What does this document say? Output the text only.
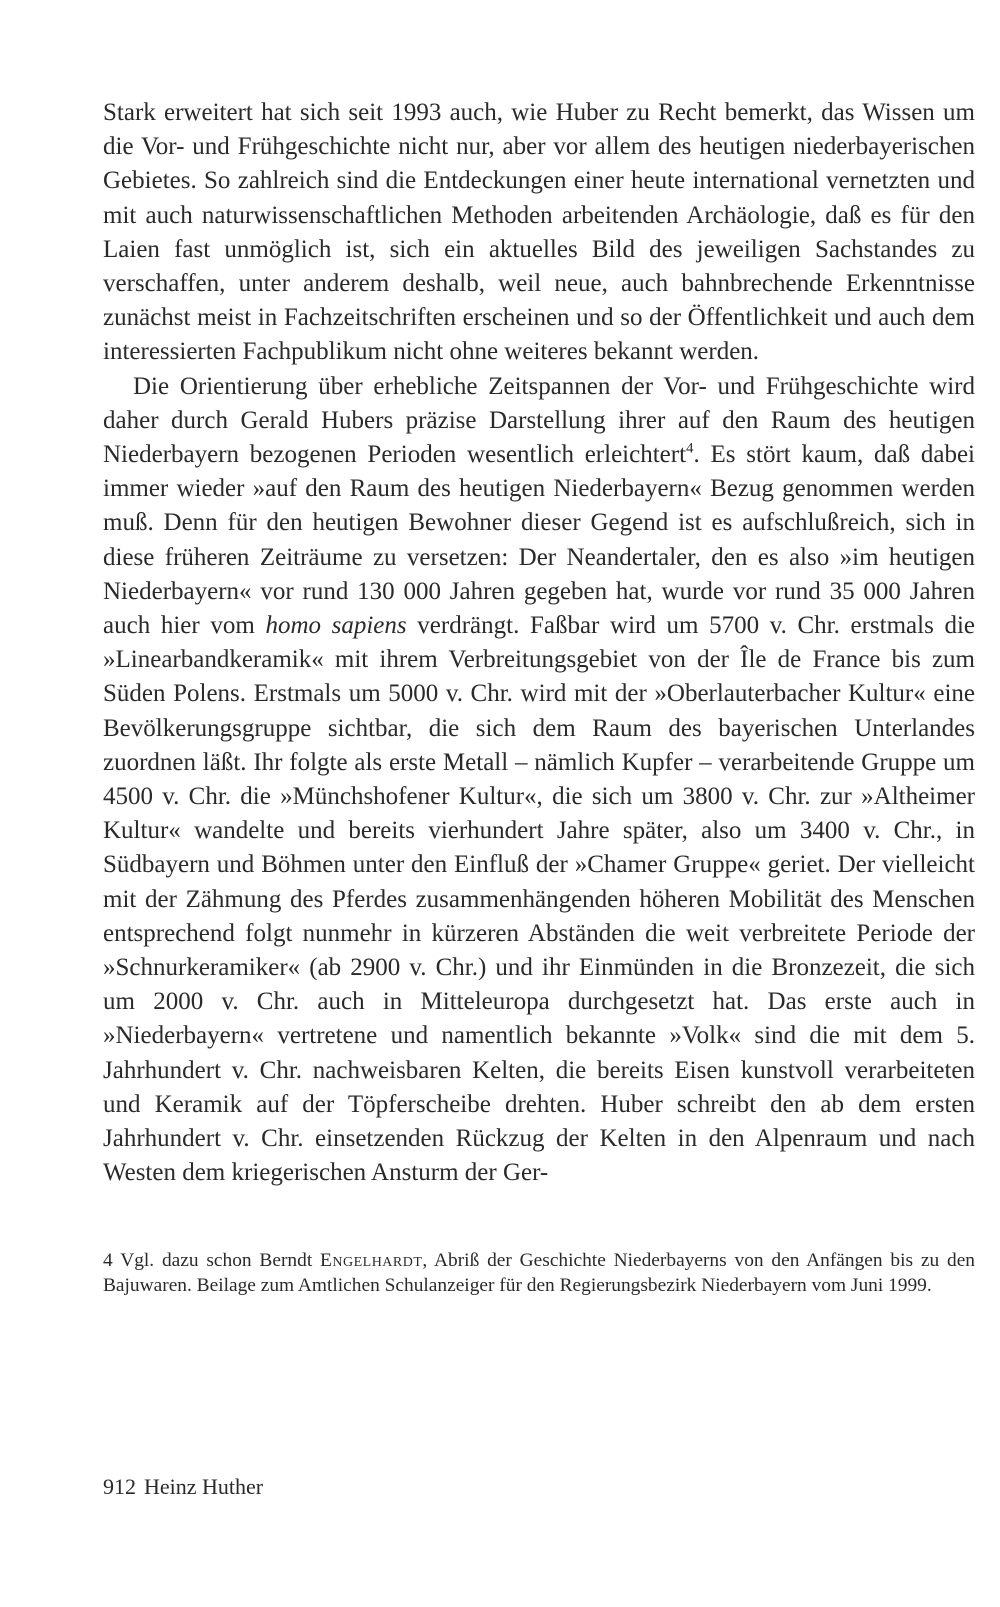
Stark erweitert hat sich seit 1993 auch, wie Huber zu Recht bemerkt, das Wissen um die Vor- und Frühgeschichte nicht nur, aber vor allem des heutigen niederbayerischen Gebietes. So zahlreich sind die Entdeckungen einer heute international vernetzten und mit auch naturwissenschaftlichen Methoden arbeitenden Archäologie, daß es für den Laien fast unmöglich ist, sich ein aktuelles Bild des jeweiligen Sachstandes zu verschaffen, unter anderem deshalb, weil neue, auch bahnbrechende Erkenntnisse zunächst meist in Fachzeitschriften erscheinen und so der Öffentlichkeit und auch dem interessierten Fachpublikum nicht ohne weiteres bekannt werden.

Die Orientierung über erhebliche Zeitspannen der Vor- und Frühgeschichte wird daher durch Gerald Hubers präzise Darstellung ihrer auf den Raum des heutigen Niederbayern bezogenen Perioden wesentlich erleichtert$^4$. Es stört kaum, daß dabei immer wieder »auf den Raum des heutigen Niederbayern« Bezug genommen werden muß. Denn für den heutigen Bewohner dieser Gegend ist es aufschlußreich, sich in diese früheren Zeiträume zu versetzen: Der Neandertaler, den es also »im heutigen Niederbayern« vor rund 130 000 Jahren gegeben hat, wurde vor rund 35 000 Jahren auch hier vom homo sapiens verdrängt. Faßbar wird um 5700 v. Chr. erstmals die »Linearbandkeramik« mit ihrem Verbreitungsgebiet von der Île de France bis zum Süden Polens. Erstmals um 5000 v. Chr. wird mit der »Oberlauterbacher Kultur« eine Bevölkerungsgruppe sichtbar, die sich dem Raum des bayerischen Unterlandes zuordnen läßt. Ihr folgte als erste Metall – nämlich Kupfer – verarbeitende Gruppe um 4500 v. Chr. die »Münchshofener Kultur«, die sich um 3800 v. Chr. zur »Altheimer Kultur« wandelte und bereits vierhundert Jahre später, also um 3400 v. Chr., in Südbayern und Böhmen unter den Einfluß der »Chamer Gruppe« geriet. Der vielleicht mit der Zähmung des Pferdes zusammenhängenden höheren Mobilität des Menschen entsprechend folgt nunmehr in kürzeren Abständen die weit verbreitete Periode der »Schnurkeramiker« (ab 2900 v. Chr.) und ihr Einmünden in die Bronzezeit, die sich um 2000 v. Chr. auch in Mitteleuropa durchgesetzt hat. Das erste auch in »Niederbayern« vertretene und namentlich bekannte »Volk« sind die mit dem 5. Jahrhundert v. Chr. nachweisbaren Kelten, die bereits Eisen kunstvoll verarbeiteten und Keramik auf der Töpferscheibe drehten. Huber schreibt den ab dem ersten Jahrhundert v. Chr. einsetzenden Rückzug der Kelten in den Alpenraum und nach Westen dem kriegerischen Ansturm der Ger-

4 Vgl. dazu schon Berndt Engelhardt, Abriß der Geschichte Niederbayerns von den Anfängen bis zu den Bajuwaren. Beilage zum Amtlichen Schulanzeiger für den Regierungsbezirk Niederbayern vom Juni 1999.

912 Heinz Huther
